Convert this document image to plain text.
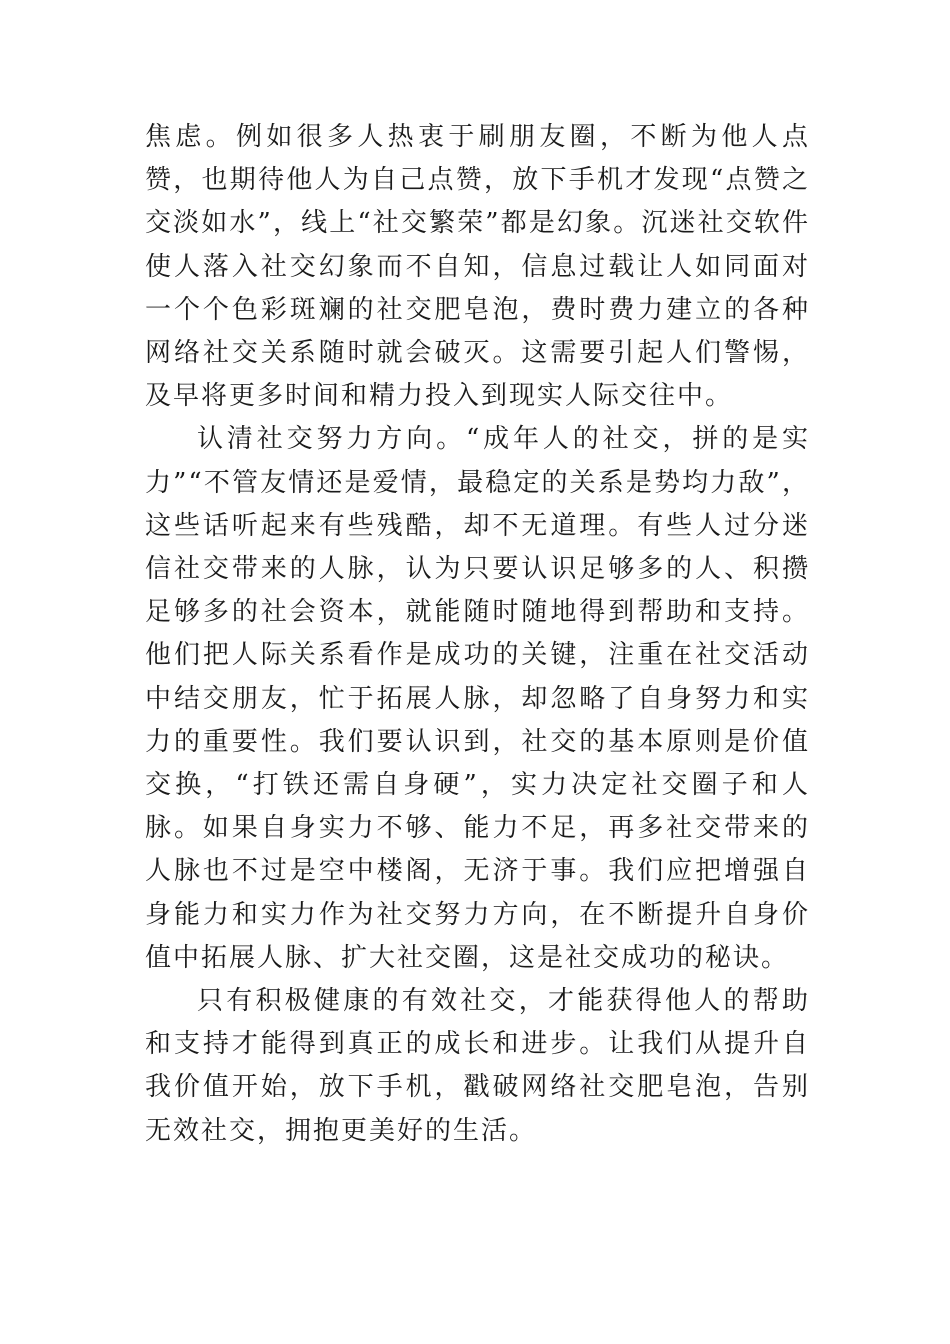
焦虑。例如很多人热衷于刷朋友圈，不断为他人点赞，也期待他人为自己点赞，放下手机才发现“点赞之交淡如水”，线上“社交繁荣”都是幻象。沉迷社交软件使人落入社交幻象而不自知，信息过载让人如同面对一个个色彩斑斓的社交肥皂泡，费时费力建立的各种网络社交关系随时就会破灭。这需要引起人们警惕，及早将更多时间和精力投入到现实人际交往中。

认清社交努力方向。“成年人的社交，拼的是实力”“不管友情还是爱情，最稳定的关系是势均力敌”，这些话听起来有些残酷，却不无道理。有些人过分迷信社交带来的人脉，认为只要认识足够多的人、积攒足够多的社会资本，就能随时随地得到帮助和支持。他们把人际关系看作是成功的关键，注重在社交活动中结交朋友，忙于拓展人脉，却忽略了自身努力和实力的重要性。我们要认识到，社交的基本原则是价值交换，“打铁还需自身硬”，实力决定社交圈子和人脉。如果自身实力不够、能力不足，再多社交带来的人脉也不过是空中楼阁，无济于事。我们应把增强自身能力和实力作为社交努力方向，在不断提升自身价值中拓展人脉、扩大社交圈，这是社交成功的秘诀。

只有积极健康的有效社交，才能获得他人的帮助和支持才能得到真正的成长和进步。让我们从提升自我价值开始，放下手机，戳破网络社交肥皂泡，告别无效社交，拥抱更美好的生活。
